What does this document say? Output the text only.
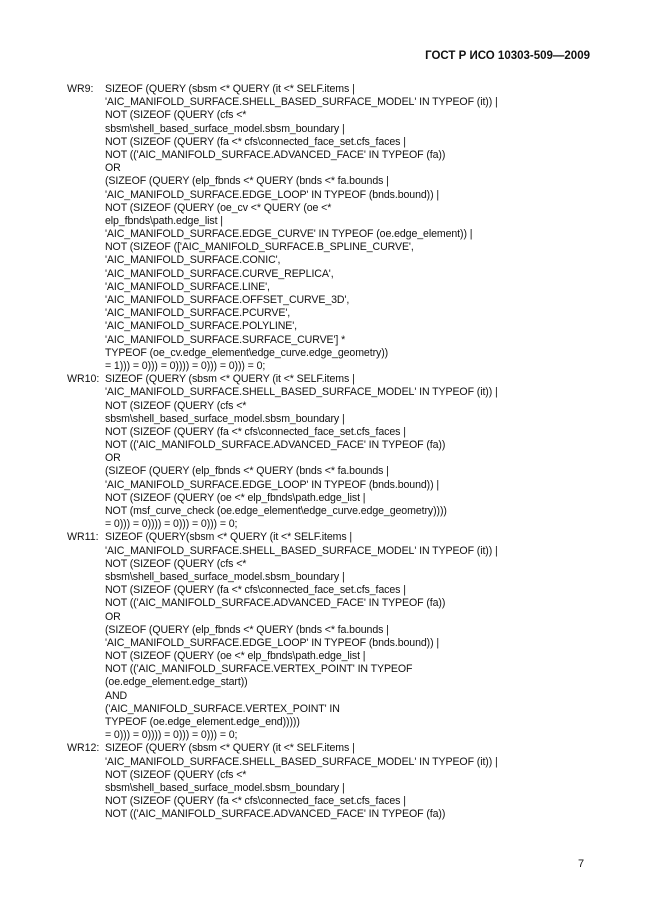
ГОСТ Р ИСО 10303-509—2009
WR9: SIZEOF (QUERY (sbsm <* QUERY (it <* SELF.items |
'AIC_MANIFOLD_SURFACE.SHELL_BASED_SURFACE_MODEL' IN TYPEOF (it)) |
NOT (SIZEOF (QUERY (cfs <*
sbsm\shell_based_surface_model.sbsm_boundary |
NOT (SIZEOF (QUERY (fa <* cfs\connected_face_set.cfs_faces |
NOT (('AIC_MANIFOLD_SURFACE.ADVANCED_FACE' IN TYPEOF (fa))
OR
(SIZEOF (QUERY (elp_fbnds <* QUERY (bnds <* fa.bounds |
'AIC_MANIFOLD_SURFACE.EDGE_LOOP' IN TYPEOF (bnds.bound)) |
NOT (SIZEOF (QUERY (oe_cv <* QUERY (oe <*
elp_fbnds\path.edge_list |
'AIC_MANIFOLD_SURFACE.EDGE_CURVE' IN TYPEOF (oe.edge_element)) |
NOT (SIZEOF (['AIC_MANIFOLD_SURFACE.B_SPLINE_CURVE',
'AIC_MANIFOLD_SURFACE.CONIC',
'AIC_MANIFOLD_SURFACE.CURVE_REPLICA',
'AIC_MANIFOLD_SURFACE.LINE',
'AIC_MANIFOLD_SURFACE.OFFSET_CURVE_3D',
'AIC_MANIFOLD_SURFACE.PCURVE',
'AIC_MANIFOLD_SURFACE.POLYLINE',
'AIC_MANIFOLD_SURFACE.SURFACE_CURVE'] *
TYPEOF (oe_cv.edge_element\edge_curve.edge_geometry))
= 1))) = 0))) = 0)))) = 0))) = 0))) = 0;
WR10: SIZEOF (QUERY (sbsm <* QUERY (it <* SELF.items |
'AIC_MANIFOLD_SURFACE.SHELL_BASED_SURFACE_MODEL' IN TYPEOF (it)) |
NOT (SIZEOF (QUERY (cfs <*
sbsm\shell_based_surface_model.sbsm_boundary |
NOT (SIZEOF (QUERY (fa <* cfs\connected_face_set.cfs_faces |
NOT (('AIC_MANIFOLD_SURFACE.ADVANCED_FACE' IN TYPEOF (fa))
OR
(SIZEOF (QUERY (elp_fbnds <* QUERY (bnds <* fa.bounds |
'AIC_MANIFOLD_SURFACE.EDGE_LOOP' IN TYPEOF (bnds.bound)) |
NOT (SIZEOF (QUERY (oe <* elp_fbnds\path.edge_list |
NOT (msf_curve_check (oe.edge_element\edge_curve.edge_geometry))))
= 0))) = 0)))) = 0))) = 0))) = 0;
WR11: SIZEOF (QUERY(sbsm <* QUERY (it <* SELF.items |
'AIC_MANIFOLD_SURFACE.SHELL_BASED_SURFACE_MODEL' IN TYPEOF (it)) |
NOT (SIZEOF (QUERY (cfs <*
sbsm\shell_based_surface_model.sbsm_boundary |
NOT (SIZEOF (QUERY (fa <* cfs\connected_face_set.cfs_faces |
NOT (('AIC_MANIFOLD_SURFACE.ADVANCED_FACE' IN TYPEOF (fa))
OR
(SIZEOF (QUERY (elp_fbnds <* QUERY (bnds <* fa.bounds |
'AIC_MANIFOLD_SURFACE.EDGE_LOOP' IN TYPEOF (bnds.bound)) |
NOT (SIZEOF (QUERY (oe <* elp_fbnds\path.edge_list |
NOT (('AIC_MANIFOLD_SURFACE.VERTEX_POINT' IN TYPEOF
(oe.edge_element.edge_start))
AND
('AIC_MANIFOLD_SURFACE.VERTEX_POINT' IN
TYPEOF (oe.edge_element.edge_end)))))
= 0))) = 0)))) = 0))) = 0))) = 0;
WR12: SIZEOF (QUERY (sbsm <* QUERY (it <* SELF.items |
'AIC_MANIFOLD_SURFACE.SHELL_BASED_SURFACE_MODEL' IN TYPEOF (it)) |
NOT (SIZEOF (QUERY (cfs <*
sbsm\shell_based_surface_model.sbsm_boundary |
NOT (SIZEOF (QUERY (fa <* cfs\connected_face_set.cfs_faces |
NOT (('AIC_MANIFOLD_SURFACE.ADVANCED_FACE' IN TYPEOF (fa))
7
